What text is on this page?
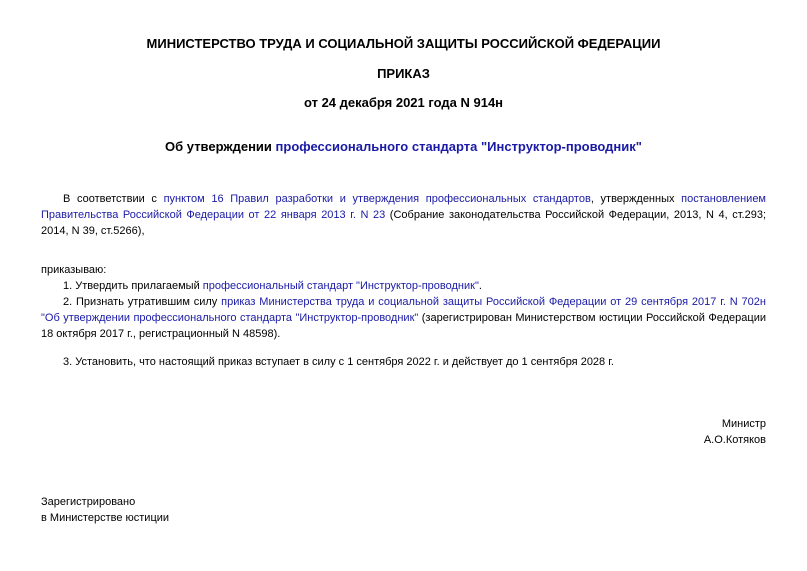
МИНИСТЕРСТВО ТРУДА И СОЦИАЛЬНОЙ ЗАЩИТЫ РОССИЙСКОЙ ФЕДЕРАЦИИ
ПРИКАЗ
от 24 декабря 2021 года N 914н
Об утверждении профессионального стандарта "Инструктор-проводник"
В соответствии с пунктом 16 Правил разработки и утверждения профессиональных стандартов, утвержденных постановлением Правительства Российской Федерации от 22 января 2013 г. N 23 (Собрание законодательства Российской Федерации, 2013, N 4, ст.293; 2014, N 39, ст.5266),
приказываю:
1. Утвердить прилагаемый профессиональный стандарт "Инструктор-проводник".
2. Признать утратившим силу приказ Министерства труда и социальной защиты Российской Федерации от 29 сентября 2017 г. N 702н "Об утверждении профессионального стандарта "Инструктор-проводник" (зарегистрирован Министерством юстиции Российской Федерации 18 октября 2017 г., регистрационный N 48598).
3. Установить, что настоящий приказ вступает в силу с 1 сентября 2022 г. и действует до 1 сентября 2028 г.
Министр
А.О.Котяков
Зарегистрировано
в Министерстве юстиции
